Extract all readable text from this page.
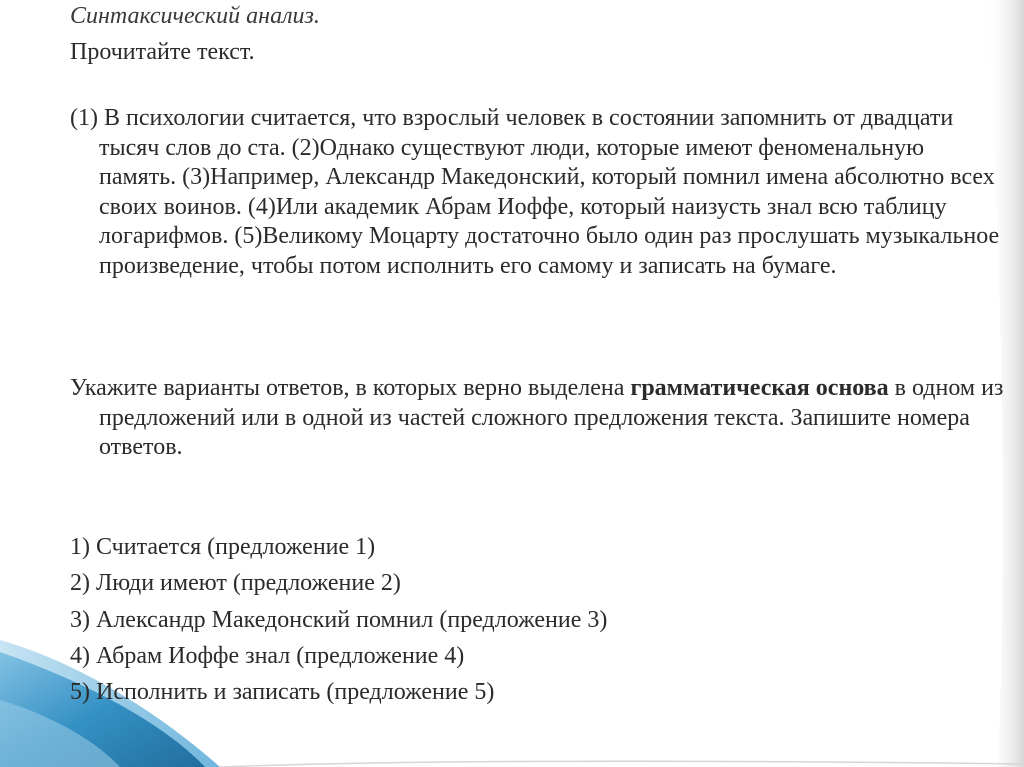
Синтаксический анализ.
Прочитайте текст.
(1) В психологии считается, что взрослый человек в состоянии запомнить от двадцати тысяч слов до ста. (2)Однако существуют люди, которые имеют феноменальную память. (3)Например, Александр Македонский, который помнил имена абсолютно всех своих воинов. (4)Или академик Абрам Иоффе, который наизусть знал всю таблицу логарифмов. (5)Великому Моцарту достаточно было один раз прослушать музыкальное произведение, чтобы потом исполнить его самому и записать на бумаге.
Укажите варианты ответов, в которых верно выделена грамматическая основа в одном из предложений или в одной из частей сложного предложения текста. Запишите номера ответов.
1) Считается (предложение 1)
2) Люди имеют (предложение 2)
3) Александр Македонский помнил (предложение 3)
4) Абрам Иоффе знал (предложение 4)
5) Исполнить и записать (предложение 5)
